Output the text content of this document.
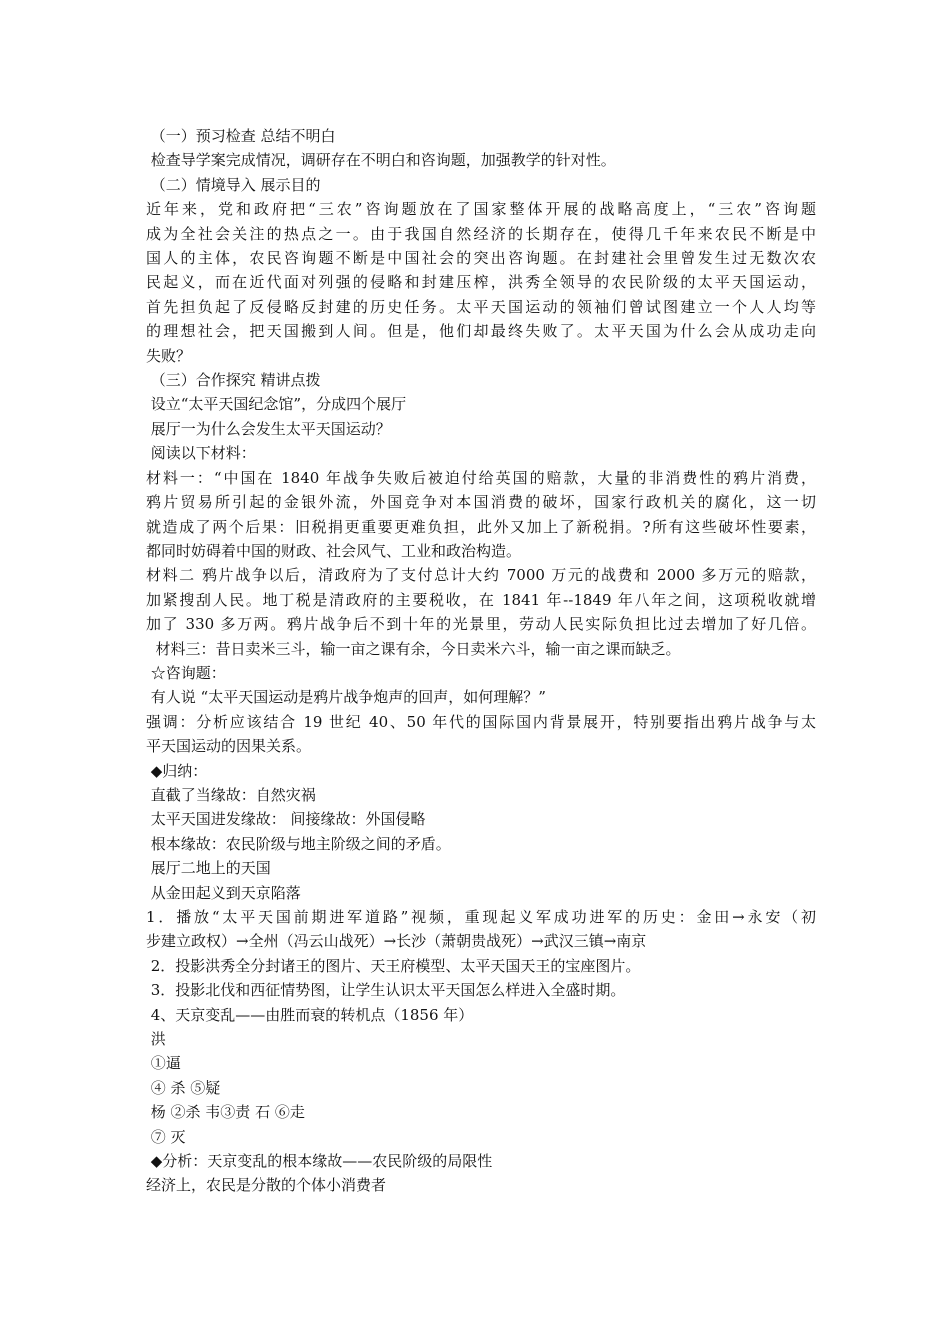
（一）预习检查 总结不明白

检查导学案完成情况，调研存在不明白和咨询题，加强教学的针对性。

（二）情境导入 展示目的

近年来，党和政府把“三农”咨询题放在了国家整体开展的战略高度上，“三农”咨询题

成为全社会关注的热点之一。由于我国自然经济的长期存在，使得几千年来农民不断是中

国人的主体，农民咨询题不断是中国社会的突出咨询题。在封建社会里曾发生过无数次农

民起义，而在近代面对列强的侵略和封建压榨，洪秀全领导的农民阶级的太平天国运动，

首先担负起了反侵略反封建的历史任务。太平天国运动的领袖们曾试图建立一个人人均等

的理想社会，把天国搬到人间。但是，他们却最终失败了。太平天国为什么会从成功走向

失败？

（三）合作探究 精讲点拨

设立“太平天国纪念馆”，分成四个展厅

展厅一为什么会发生太平天国运动？

阅读以下材料：

材料一：“中国在 1840 年战争失败后被迫付给英国的赔款，大量的非消费性的鸦片消费，

鸦片贸易所引起的金银外流，外国竞争对本国消费的破坏，国家行政机关的腐化，这一切

就造成了两个后果：旧税捐更重要更难负担，此外又加上了新税捐。?所有这些破坏性要素，

都同时妨碍着中国的财政、社会风气、工业和政治构造。

材料二 鸦片战争以后，清政府为了支付总计大约 7000 万元的战费和 2000 多万元的赔款，

加紧搜刮人民。地丁税是清政府的主要税收，在 1841 年--1849 年八年之间，这项税收就增

加了 330 多万两。鸦片战争后不到十年的光景里，劳动人民实际负担比过去增加了好几倍。

材料三：昔日卖米三斗，输一亩之课有余，今日卖米六斗，输一亩之课而缺乏。

☆咨询题：

有人说 “太平天国运动是鸦片战争炮声的回声，如何理解？”

强调：分析应该结合 19 世纪 40、50 年代的国际国内背景展开，特别要指出鸦片战争与太

平天国运动的因果关系。

◆归纳：

直截了当缘故：自然灾祸

太平天国进发缘故： 间接缘故：外国侵略

根本缘故：农民阶级与地主阶级之间的矛盾。

展厅二地上的天国

从金田起义到天京陷落

1．播放“太平天国前期进军道路”视频，重现起义军成功进军的历史：金田→永安（初

步建立政权）→全州（冯云山战死）→长沙（萧朝贵战死）→武汉三镇→南京

2．投影洪秀全分封诸王的图片、天王府模型、太平天国天王的宝座图片。

3．投影北伐和西征情势图，让学生认识太平天国怎么样进入全盛时期。

4、天京变乱——由胜而衰的转机点（1856 年）

洪

①逼

④ 杀 ⑤疑

杨 ②杀 韦③责 石 ⑥走

⑦ 灭

◆分析：天京变乱的根本缘故——农民阶级的局限性

经济上，农民是分散的个体小消费者
